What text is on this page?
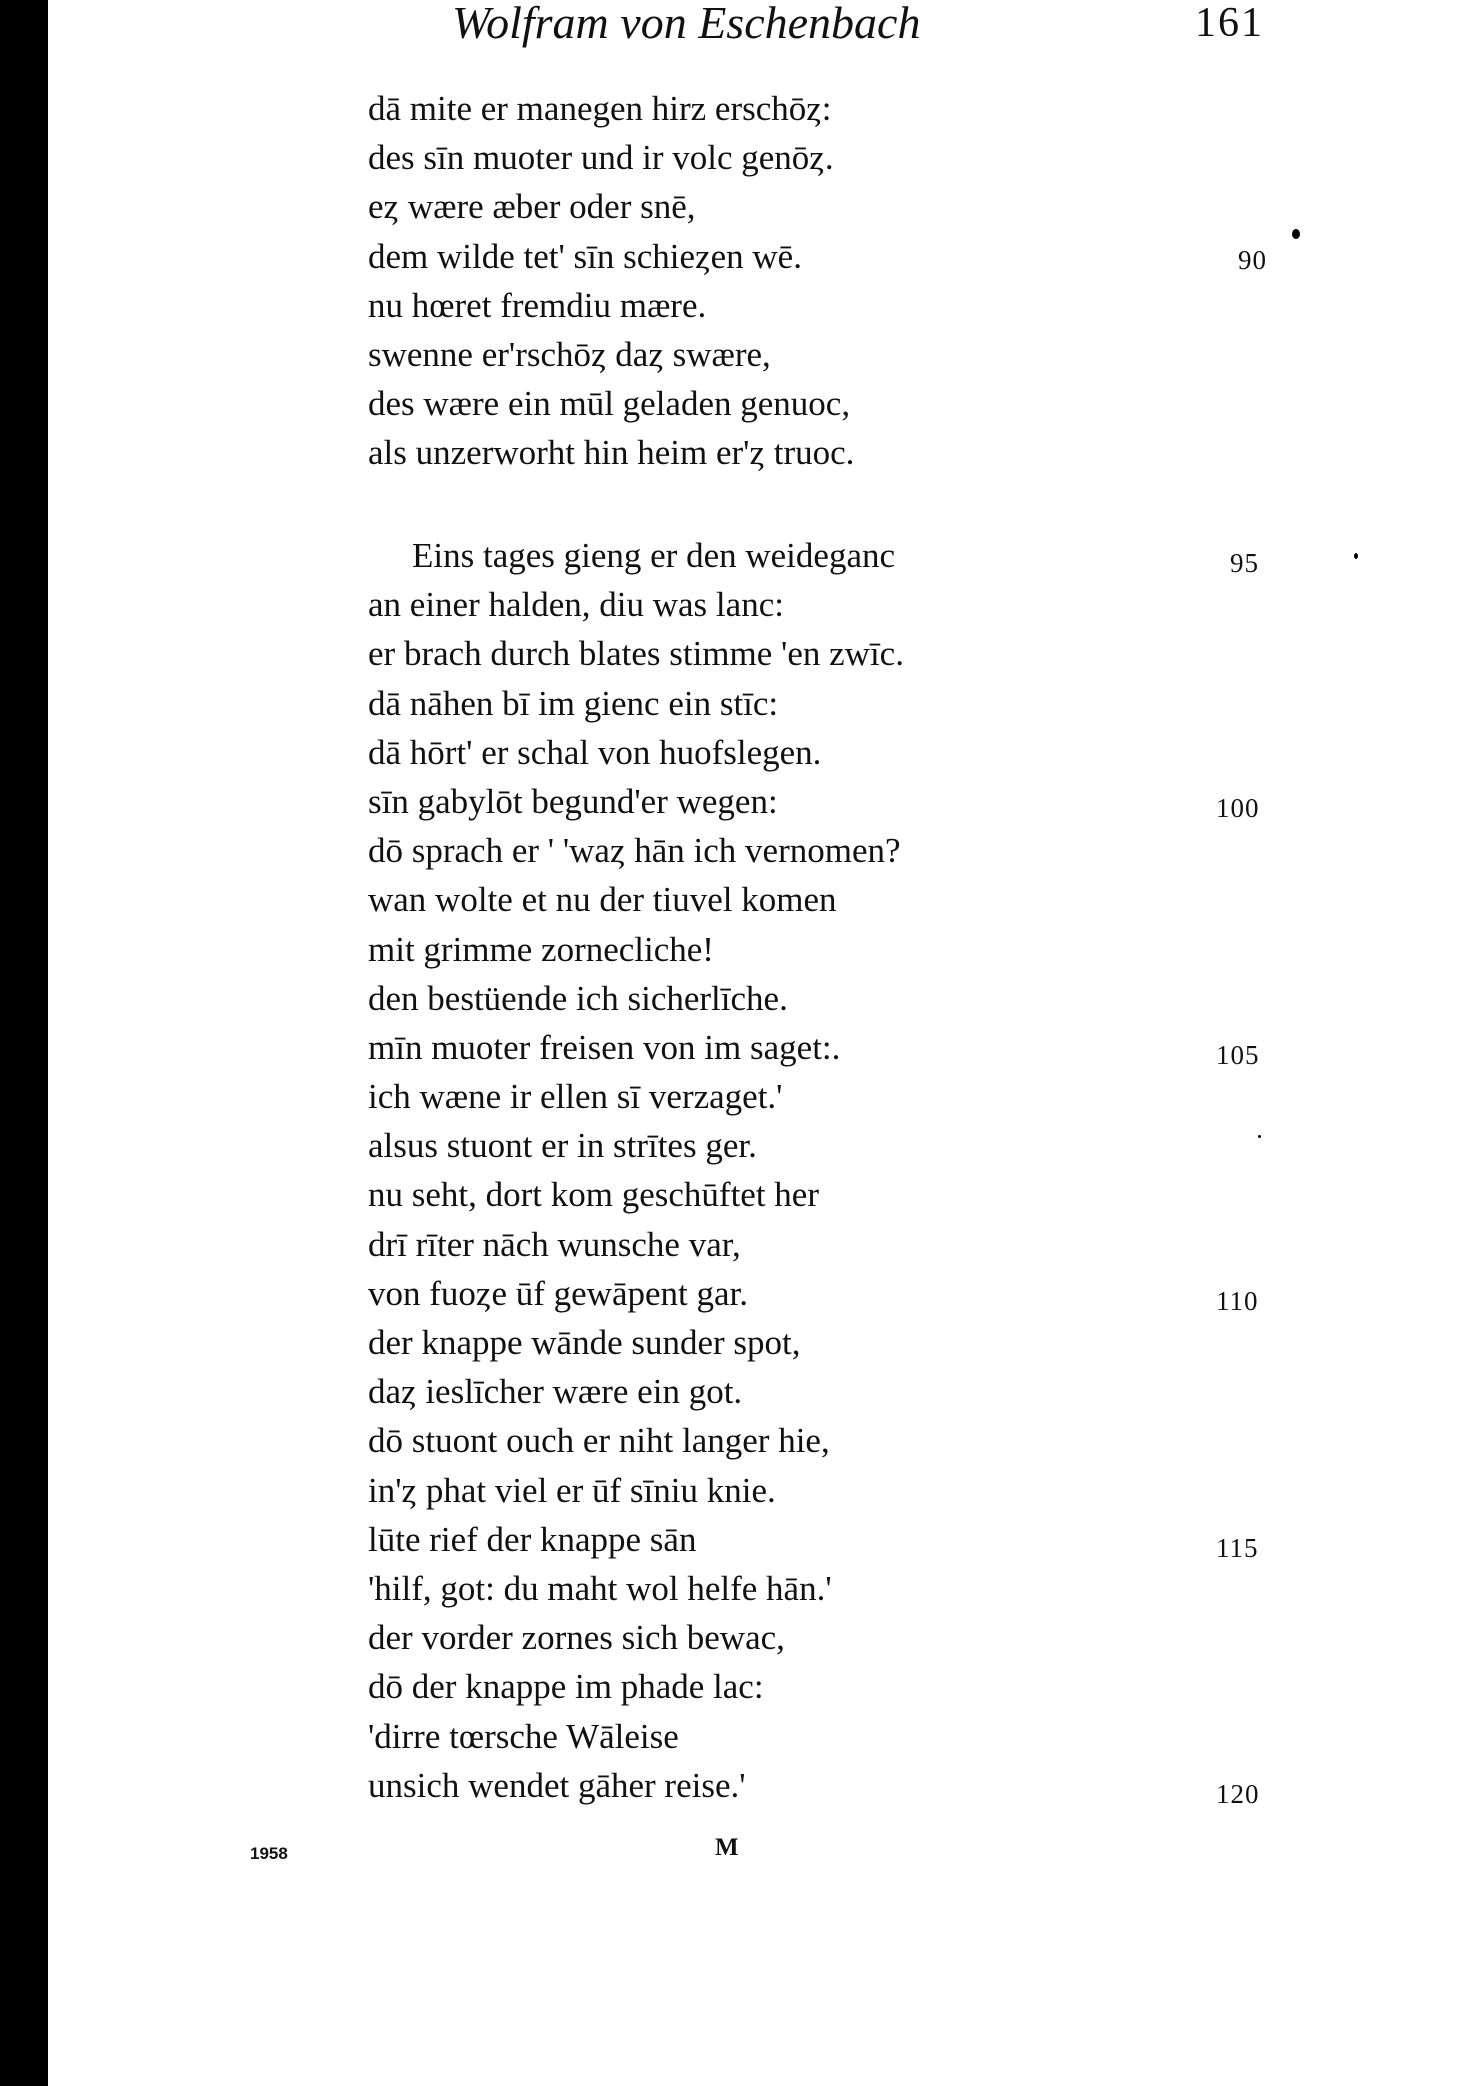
Wolfram von Eschenbach	161
dā mite er manegen hirz erschōȥ:
des sīn muoter und ir volc genōȥ.
eȥ wære æber oder snē,
dem wilde tet' sīn schieȥen wē.
nu hœret fremdiu mære.
swenne er'rschōȥ daȥ swære,
des wære ein mūl geladen genuoc,
als unzerworht hin heim er'ȥ truoc.
Eins tages gieng er den weideganc
an einer halden, diu was lanc:
er brach durch blates stimme 'en zwīc.
dā nāhen bī im gienc ein stīc:
dā hōrt' er schal von huofslegen.
sīn gabylōt begund'er wegen:
dō sprach er ' 'waȥ hān ich vernomen?
wan wolte et nu der tiuvel komen
mit grimme zornecliche!
den bestüende ich sicherlīche.
mīn muoter freisen von im saget:.
ich wæne ir ellen sī verzaget.'
alsus stuont er in strītes ger.
nu seht, dort kom geschūftet her
drī rīter nāch wunsche var,
von fuoȥe ūf gewāpent gar.
der knappe wānde sunder spot,
daȥ ieslīcher wære ein got.
dō stuont ouch er niht langer hie,
in'ȥ phat viel er ūf sīniu knie.
lūte rief der knappe sān
'hilf, got: du maht wol helfe hān.'
der vorder zornes sich bewac,
dō der knappe im phade lac:
'dirre tœrsche Wāleise
unsich wendet gāher reise.'
90
95
100
105
110
115
120
1958	M
